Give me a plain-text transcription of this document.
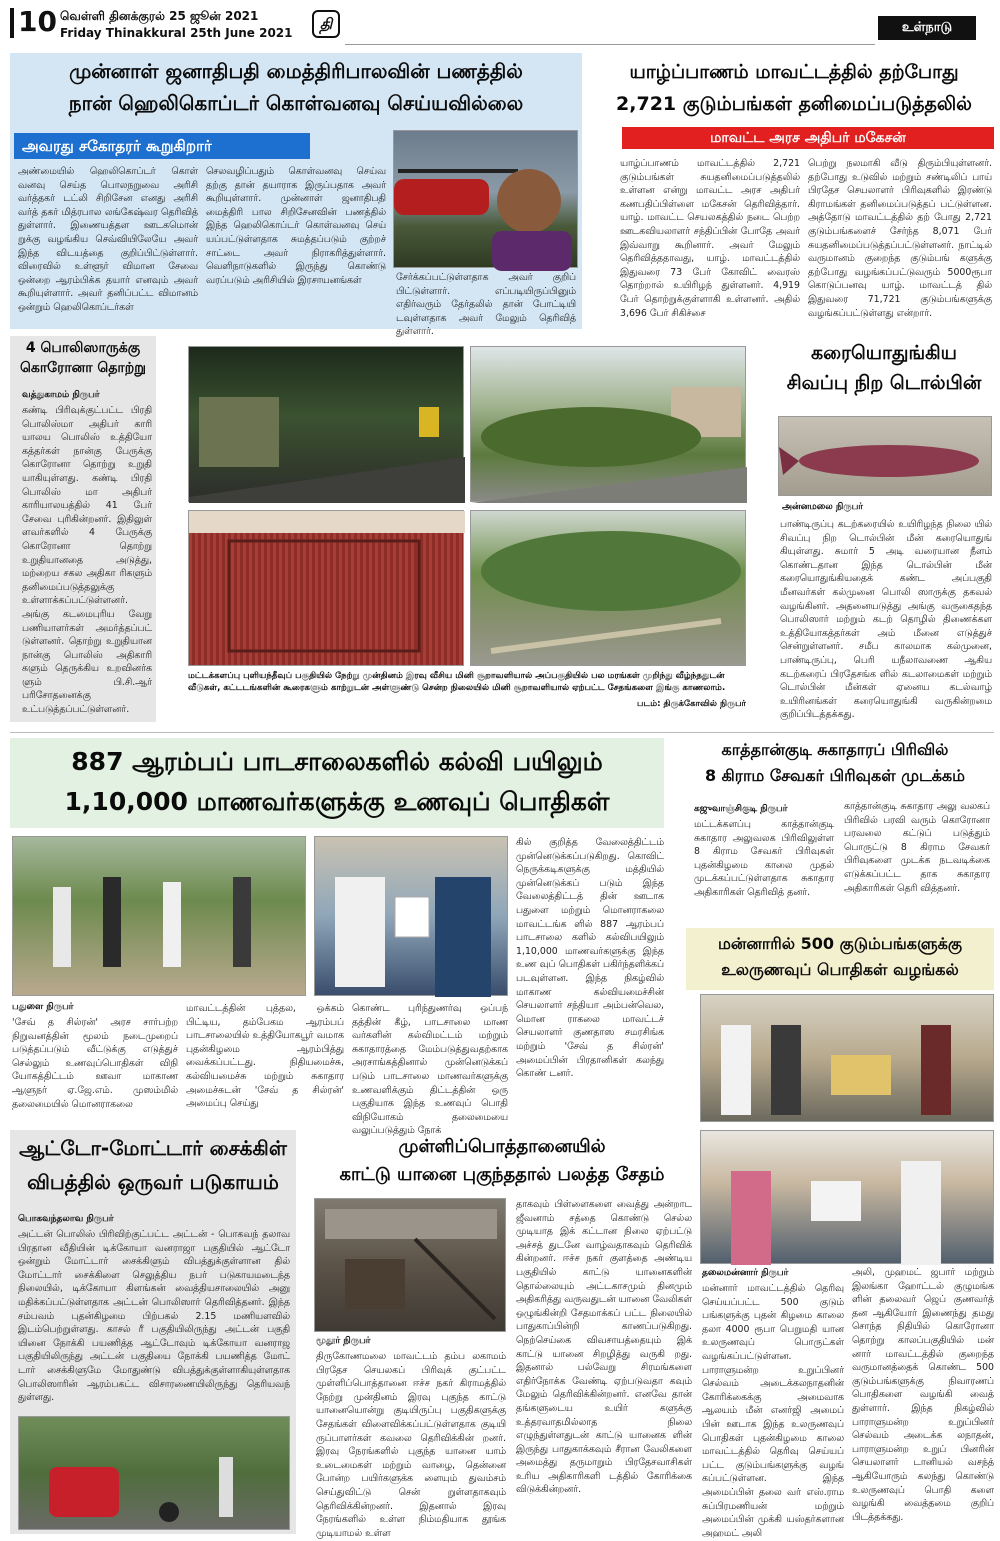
10 வெள்ளி தினக்குரல் 25 ஜூன் 2021
Friday Thinakkural 25th June 2021	தி	உள்நாடு
முன்னாள் ஜனாதிபதி மைத்திரிபாலவின் பணத்தில்
நான் ஹெலிகொப்டர் கொள்வனவு செய்யவில்லை
அவரது சகோதரர் கூறுகிறார்
அண்மையில் ஹெலிகொப்டர் கொள் வனவு செய்த பொலநறுவை அரிசி வர்த்தகர் டட்லி சிறிசேன எனது அரிசி வர்த் தகர் மித்ரபால லங்கேஷ்வர தெரிவித் துள்ளார். இணையத்தள ஊடகமொன் றுக்கு வழங்கிய செவ்வியிலேயே அவர் இந்த விடயத்தை குறிப்பிட்டுள்ளார். விரைவில் உள்ளூர் விமான சேவை ஒன்றை ஆரம்பிக்க தயார் எனவும் அவர் கூறியுள்ளார். அவர் தனிப்பட்ட விமானம் ஒன்றும் ஹெலிகொப்டர்கள்
செலவழிப்பதும் கொள்வனவு செய்வ தற்கு தான் தயாராக இருப்பதாக அவர் கூறியுள்ளார். முன்னாள் ஜனாதிபதி மைத்திரி பால சிறிசேனவின் பணத்தில் இந்த ஹெலிகொப்டர் கொள்வனவு செய் யப்பட்டுள்ளதாக சுமத்தப்படும் குற்றச் சாட்டை அவர் நிராகரித்துள்ளார். வெளிநாடுகளில் இருந்து கொண்டு வரப்படும் அரிசியில் இரசாயனங்கள்	சேர்க்கப்பட்டுள்ளதாக அவர் குறிப் பிட்டுள்ளார். எப்படியிருப்பினும் எதிர்வரும் தேர்தலில் தான் போட்டியி டவுள்ளதாக அவர் மேலும் தெரிவித் துள்ளார்.
யாழ்ப்பாணம் மாவட்டத்தில் தற்போது
2,721 குடும்பங்கள் தனிமைப்படுத்தலில்
மாவட்ட அரச அதிபர் மகேசன்
யாழ்ப்பாணம் மாவட்டத்தில் 2,721 குடும்பங்கள் சுயதனிமைப்படுத்தலில் உள்ளன என்று மாவட்ட அரச அதிபர் கணபதிப்பிள்ளை மகேசன் தெரிவித்தார். யாழ். மாவட்ட செயலகத்தில் நடை பெற்ற ஊடகவியலாளர் சந்திப்பின் போதே அவர் இவ்வாறு கூறினார். அவர் மேலும் தெரிவித்ததாவது, யாழ். மாவட்டத்தில் இதுவரை 73 பேர் கோவிட் வைரஸ் தொற்றால் உயிரிழந் துள்ளனர். 4,919 பேர் தொற்றுக்குள்ளாகி உள்ளனர். அதில் 3,696 பேர் சிகிச்சை
பெற்று நலமாகி வீடு திரும்பியுள்ளனர். தற்போது உடுவில் மற்றும் சண்டிலிப் பாய் பிரதேச செயலாளர் பிரிவுகளில் இரண்டு கிராமங்கள் தனிமைப்படுத்தப் பட்டுள்ளன. அத்தோடு மாவட்டத்தில் தற் போது 2,721 குடும்பங்களைச் சேர்ந்த 8,071 பேர் சுயதனிமைப்படுத்தப்பட்டுள்ளனர். நாட்டில் வருமானம் குறைந்த குடும்பங் களுக்கு தற்போது வழங்கப்பட்டுவரும் 5000ரூபா கொடுப்பனவு யாழ். மாவட்டத் தில் இதுவரை 71,721 குடும்பங்களுக்கு வழங்கப்பட்டுள்ளது என்றார்.
4 பொலிஸாருக்கு
கொரோனா தொற்று
வத்துகாமம் நிருபர்
கண்டி பிரிவுக்குட்பட்ட பிரதி பொலிஸ்மா அதிபர் காரி யாலய பொலிஸ் உத்தியோ கத்தர்கள் நான்கு பேருக்கு கொரோனா தொற்று உறுதி யாகியுள்ளது. கண்டி பிரதி பொலிஸ் மா அதிபர் காரியாலயத்தில் 41 பேர் சேவை புரிகின்றனர். இதிலுள் ளவர்களில் 4 பேருக்கு கொரோனா தொற்று உறுதியானதை அடுத்து, மற்றைய சகல அதிகா ரிகளும் தனிமைப்படுத்தலுக்கு உள்ளாக்கப்பட்டுள்ளனர். அங்கு கடமைபுரிய வேறு பணியாளர்கள் அமர்த்தப்பட் டுள்ளனர். தொற்று உறுதியான நான்கு பொலிஸ் அதிகாரி களும் தெருக்கிய உறவினர்க ளும் பி.சி.ஆர் பரிசோதனைக்கு உட்படுத்தப்பட்டுள்ளனர்.
மட்டக்களப்பு புளியந்தீவுப் பகுதியில் நேற்று முன்தினம் இரவு வீசிய மினி சூறாவளியால் அப்பகுதியில் பல மரங்கள் முறிந்து வீழ்ந்ததுடன் வீடுகள், கட்டடங்களின் கூரைகளும் காற்றுடன் அள்ளுண்டு சென்ற நிலையில் மினி சூறாவளியால் ஏற்பட்ட சேதங்களை இங்கு காணலாம்.
படம்: திருக்கோவில் நிருபர்
கரையொதுங்கிய
சிவப்பு நிற டொல்பின்
அன்னமலை நிருபர்
பாண்டிருப்பு கடற்கரையில் உயிரிழந்த நிலை யில் சிவப்பு நிற டொல்பின் மீன் கரையொதுங் கியுள்ளது. சுமார் 5 அடி வரையான நீளம் கொண்டதான இந்த டொல்பின் மீன் கரையொதுங்கியதைக் கண்ட அப்பகுதி மீனவர்கள் கல்முனை பொலி ஸாருக்கு தகவல் வழங்கினர். அதனையடுத்து அங்கு வருகைதந்த பொலிஸார் மற்றும் கடற் தொழில் திணைக்கள உத்தியோகத்தர்கள் அம் மீனை எடுத்துச் சென்றுள்ளனர். சமீப காலமாக கல்முனை, பாண்டிருப்பு, பெரி யநீலாவணை ஆகிய கடற்கரைப் பிரதேசங்க ளில் கடலாமைகள் மற்றும் டொல்பின் மீன்கள் ஏனைய கடல்வாழ் உயிரினங்கள் கரையொதுங்கி வருகின்றமை குறிப்பிடத்தக்கது.
887 ஆரம்பப் பாடசாலைகளில் கல்வி பயிலும்
1,10,000 மாணவர்களுக்கு உணவுப் பொதிகள்
பதுளை நிருபர்
'சேவ் த சில்ரன்' அரச சார்பற்ற நிறுவனத்தின் மூலம் நடைமுறைப் படுத்தப்படும் வீட்டுக்கு எடுத்துச் செல்லும் உணவுப்பொதிகள் விநி யோகத்திட்டம் ஊவா மாகாண ஆளுநர் ஏ.ஜே.எம். முஸம்மில் தலைமையில் மொனராகலை
மாவட்டத்தின் புத்தல, ஒக்கம் பிட்டிய, தம்பேகம ஆரம்பப் பாடசாலையில் உத்தியோகபூர் வமாக புதன்கிழமை ஆரம்பித்து வைக்கப்பட்டது. நிதியமைச்சு, கல்வியமைச்சு மற்றும் சுகாதார அமைச்சுடன் 'சேவ் த சில்ரன்' அமைப்பு செய்து
கொண்ட புரிந்துணர்வு ஒப்பந் தத்தின் கீழ், பாடசாலை மாண வர்களின் கல்விமட்டம் மற்றும் சுகாதாரத்தை மேம்படுத்துவதற்காக அரசாங்கத்தினால் முன்னெடுக்கப் படும் பாடசாலை மாணவர்களுக்கு உணவளிக்கும் திட்டத்தின் ஒரு பகுதியாக இந்த உணவுப் பொதி விநியோகம் தலைமையை வலுப்படுத்தும் நோக்
கில் குறித்த வேலைத்திட்டம் முன்னெடுக்கப்படுகிறது. கொவிட் நெருக்கடிகளுக்கு மத்தியில் முன்னெடுக்கப் படும் இந்த வேலைத்திட்டத் தின் ஊடாக பதுளை மற்றும் மொனராகலை மாவட்டங்க ளில் 887 ஆரம்பப் பாடசாலை களில் கல்விபயிலும் 1,10,000 மாணவர்களுக்கு இந்த உண வுப் பொதிகள் பகிர்ந்தளிக்கப் படவுள்ளன. இந்த நிகழ்வில் மாகாண கல்வியமைச்சின் செயலாளர் சந்தியா அம்பன்வெல, மொன ராகலை மாவட்டச் செயலாளர் குணதாஸ சமரசிங்க மற்றும் 'சேவ் த சில்ரன்' அமைப்பின் பிரதானிகள் கலந்து கொண் டனர்.
காத்தான்குடி சுகாதாரப் பிரிவில்
8 கிராம சேவகர் பிரிவுகள் முடக்கம்
கஜுவாஞ்சிகுடி நிருபர்
மட்டக்களப்பு காத்தான்குடி சுகாதார அலுவலக பிரிவிலுள்ள 8 கிராம சேவகர் பிரிவுகள் புதன்கிழமை காலை முதல் முடக்கப்பட்டுள்ளதாக சுகாதார அதிகாரிகள் தெரிவித் தனர்.
காத்தான்குடி சுகாதார அலு வலகப் பிரிவில் பரவி வரும் கொரோனா பரவலை கட்டுப் படுத்தும் பொருட்டு 8 கிராம சேவகர் பிரிவுகளை முடக்க நடவடிக்கை எடுக்கப்பட்ட தாக சுகாதார அதிகாரிகள் தெரி வித்தனர்.
மன்னாரில் 500 குடும்பங்களுக்கு
உலருணவுப் பொதிகள் வழங்கல்
தலைமன்னார் நிருபர்
மன்னார் மாவட்டத்தில் தெரிவு செய்யப்பட்ட 500 குடும் பங்களுக்கு புதன் கிழமை காலை தலா 4000 ரூபா பெறுமதி யான உலருணவுப் பொருட்கள் வழங்கப்பட்டுள்ளன. பாராளுமன்ற உறுப்பினர் செல்வம் அடைக்கலநாதனின் கோரிக்கைக்கு அமைவாக ஆலயம் மீன் எனர்ஜி அமைப் பின் ஊடாக இந்த உலருணவுப் பொதிகள் புதன்கிழமை காலை மாவட்டத்தில் தெரிவு செய்யப் பட்ட குடும்பங்களுக்கு வழங் கப்பட்டுள்ளன. இந்த அமைப்பின் தலை வர் எஸ்.ராம சுப்பிரமணியன் மற்றும் அமைப்பின் முக்கி யஸ்தர்களான அஹமட் அலி
அலி, முஹமட் ஜபார் மற்றும் இலங்கா ஹோட்டல் குழுமங்க ளின் தலைவர் ஜெப் குணவர்த் தன ஆகியோர் இணைந்து தமது சொந்த நிதியில் கொரோனா தொற்று காலப்பகுதியில் மன் னார் மாவட்டத்தில் குறைந்த வருமானத்தைக் கொண்ட 500 குடும்பங்களுக்கு நிவாரணப் பொதிகளை வழங்கி வைத் துள்ளார். இந்த நிகழ்வில் பாராளுமன்ற உறுப்பினர் செல்வம் அடைக்க லநாதன், பாராளுமன்ற உறுப் பினரின் செயலாளர் டானியல் வசந்த் ஆகியோரும் கலந்து கொண்டு உலருணவுப் பொதி களை வழங்கி வைத்தமை குறிப் பிடத்தக்கது.
ஆட்டோ-மோட்டார் சைக்கிள்
விபத்தில் ஒருவர் படுகாயம்
பொகவந்தலாவ நிருபர்
அட்டன் பொலிஸ் பிரிவிற்குட்பட்ட அட்டன் - பொகவந் தலாவ பிரதான வீதியின் டிக்கோயா வனராஜா பகுதியில் ஆட்டோ ஒன்றும் மோட்டார் சைக்கிளும் விபத்துக்குள்ளான தில் மோட்டார் சைக்கிளை செலுத்திய நபர் படுகாயமடைந்த நிலையில், டிக்கோயா கிளங்கன் வைத்தியசாலையில் அனு மதிக்கப்பட்டுள்ளதாக அட்டன் பொலிஸார் தெரிவித்தனர். இந்த சம்பவம் புதன்கிழமை பிற்பகல் 2.15 மணியளவில் இடம்பெற்றுள்ளது. காசல் ரீ பகுதியிலிருந்து அட்டன் பகுதி யினை நோக்கி பயணித்த ஆட்டோவும் டிக்கோயா வனராஜ பகுதியிலிருந்து அட்டன் பகுதியை நோக்கி பயணித்த மோட் டார் சைக்கிளுமே மோதுண்டு விபத்துக்குள்ளாகியுள்ளதாக பொலிஸாரின் ஆரம்பகட்ட விசாரணையிலிருந்து தெரியவந் துள்ளது.
முள்ளிப்பொத்தானையில்
காட்டு யானை புகுந்ததால் பலத்த சேதம்
மூதூர் நிருபர்
திருகோணமலை மாவட்டம் தம்ப லகாமம் பிரதேச செயலகப் பிரிவுக் குட்பட்ட முள்ளிப்பொத்தானை ஈச்ச நகர் கிராமத்தில் நேற்று முன்தினம் இரவு புகுந்த காட்டு யானையொன்று குடியிருப்பு பகுதிகளுக்கு சேதங்கள் விளைவிக்கப்பட்டுள்ளதாக குடியி ருப்பாளர்கள் கவலை தெரிவிக்கின் றனர். இரவு நேரங்களில் புகுந்த யானை யாம் உடைமைகள் மற்றும் வாழை, தென்னை போன்ற பயிர்களுக்க ளையும் துவம்சம் செய்துவிட்டு சென் றுள்ளதாகவும் தெரிவிக்கின்றனர். இதனால் இரவு நேரங்களில் உள்ள நிம்மதியாக தூங்க முடியாமல் உள்ள
தாகவும் பிள்ளைகளை வைத்து அன்றாட ஜீவனாம் சத்தை கொண்டு செல்ல முடியாத இக் கட்டான நிலை ஏற்பட்டு அச்சத் துடனே வாழ்வதாகவும் தெரிவிக் கின்றனர். ஈச்ச நகர் குளத்தை அண்டிய பகுதியில் காட்டு யானைகளின் தொல்லையும் அட்டகாசமும் தினமும் அதிகரித்து வருவதுடன் யானை வேலிகள் ஒழுங்கின்றி சேதமாக்கப் பட்ட நிலையில் பாதுகாப்பின்றி காணப்படுகிறது. நெற்செய்கை விவசாயத்தையும் இக் காட்டு யானை சிறழித்து வருகி றது. இதனால் பல்வேறு சிரமங்களை எதிர்நோக்க வேண்டி ஏற்படுவதா கவும் மேலும் தெரிவிக்கின்றனர். எனவே தான் தங்களுடைய உயிர் களுக்கு உத்தரவாதமில்லாத நிலை எழுந்துள்ளதுடன் காட்டு யானைக ளின் இருந்து பாதுகாக்கவும் சீரான வேலிகளை அமைத்து தருமாறும் பிரதேசவாசிகள் உரிய அதிகாரிகளி டத்தில் கோரிக்கை விடுக்கின்றனர்.
